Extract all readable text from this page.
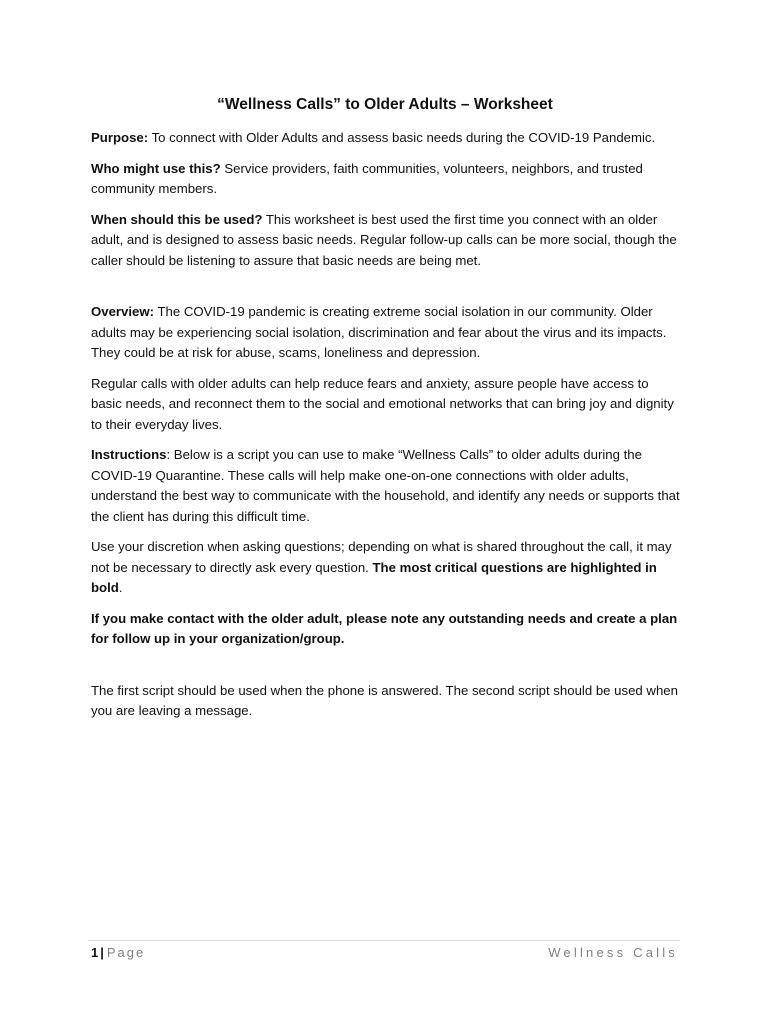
“Wellness Calls” to Older Adults – Worksheet

Purpose: To connect with Older Adults and assess basic needs during the COVID-19 Pandemic.

Who might use this? Service providers, faith communities, volunteers, neighbors, and trusted community members.

When should this be used? This worksheet is best used the first time you connect with an older adult, and is designed to assess basic needs. Regular follow-up calls can be more social, though the caller should be listening to assure that basic needs are being met.

Overview: The COVID-19 pandemic is creating extreme social isolation in our community. Older adults may be experiencing social isolation, discrimination and fear about the virus and its impacts. They could be at risk for abuse, scams, loneliness and depression.

Regular calls with older adults can help reduce fears and anxiety, assure people have access to basic needs, and reconnect them to the social and emotional networks that can bring joy and dignity to their everyday lives.

Instructions: Below is a script you can use to make “Wellness Calls” to older adults during the COVID-19 Quarantine. These calls will help make one-on-one connections with older adults, understand the best way to communicate with the household, and identify any needs or supports that the client has during this difficult time.

Use your discretion when asking questions; depending on what is shared throughout the call, it may not be necessary to directly ask every question. The most critical questions are highlighted in bold.

If you make contact with the older adult, please note any outstanding needs and create a plan for follow up in your organization/group.

The first script should be used when the phone is answered. The second script should be used when you are leaving a message.

1 | Page	Wellness Calls
